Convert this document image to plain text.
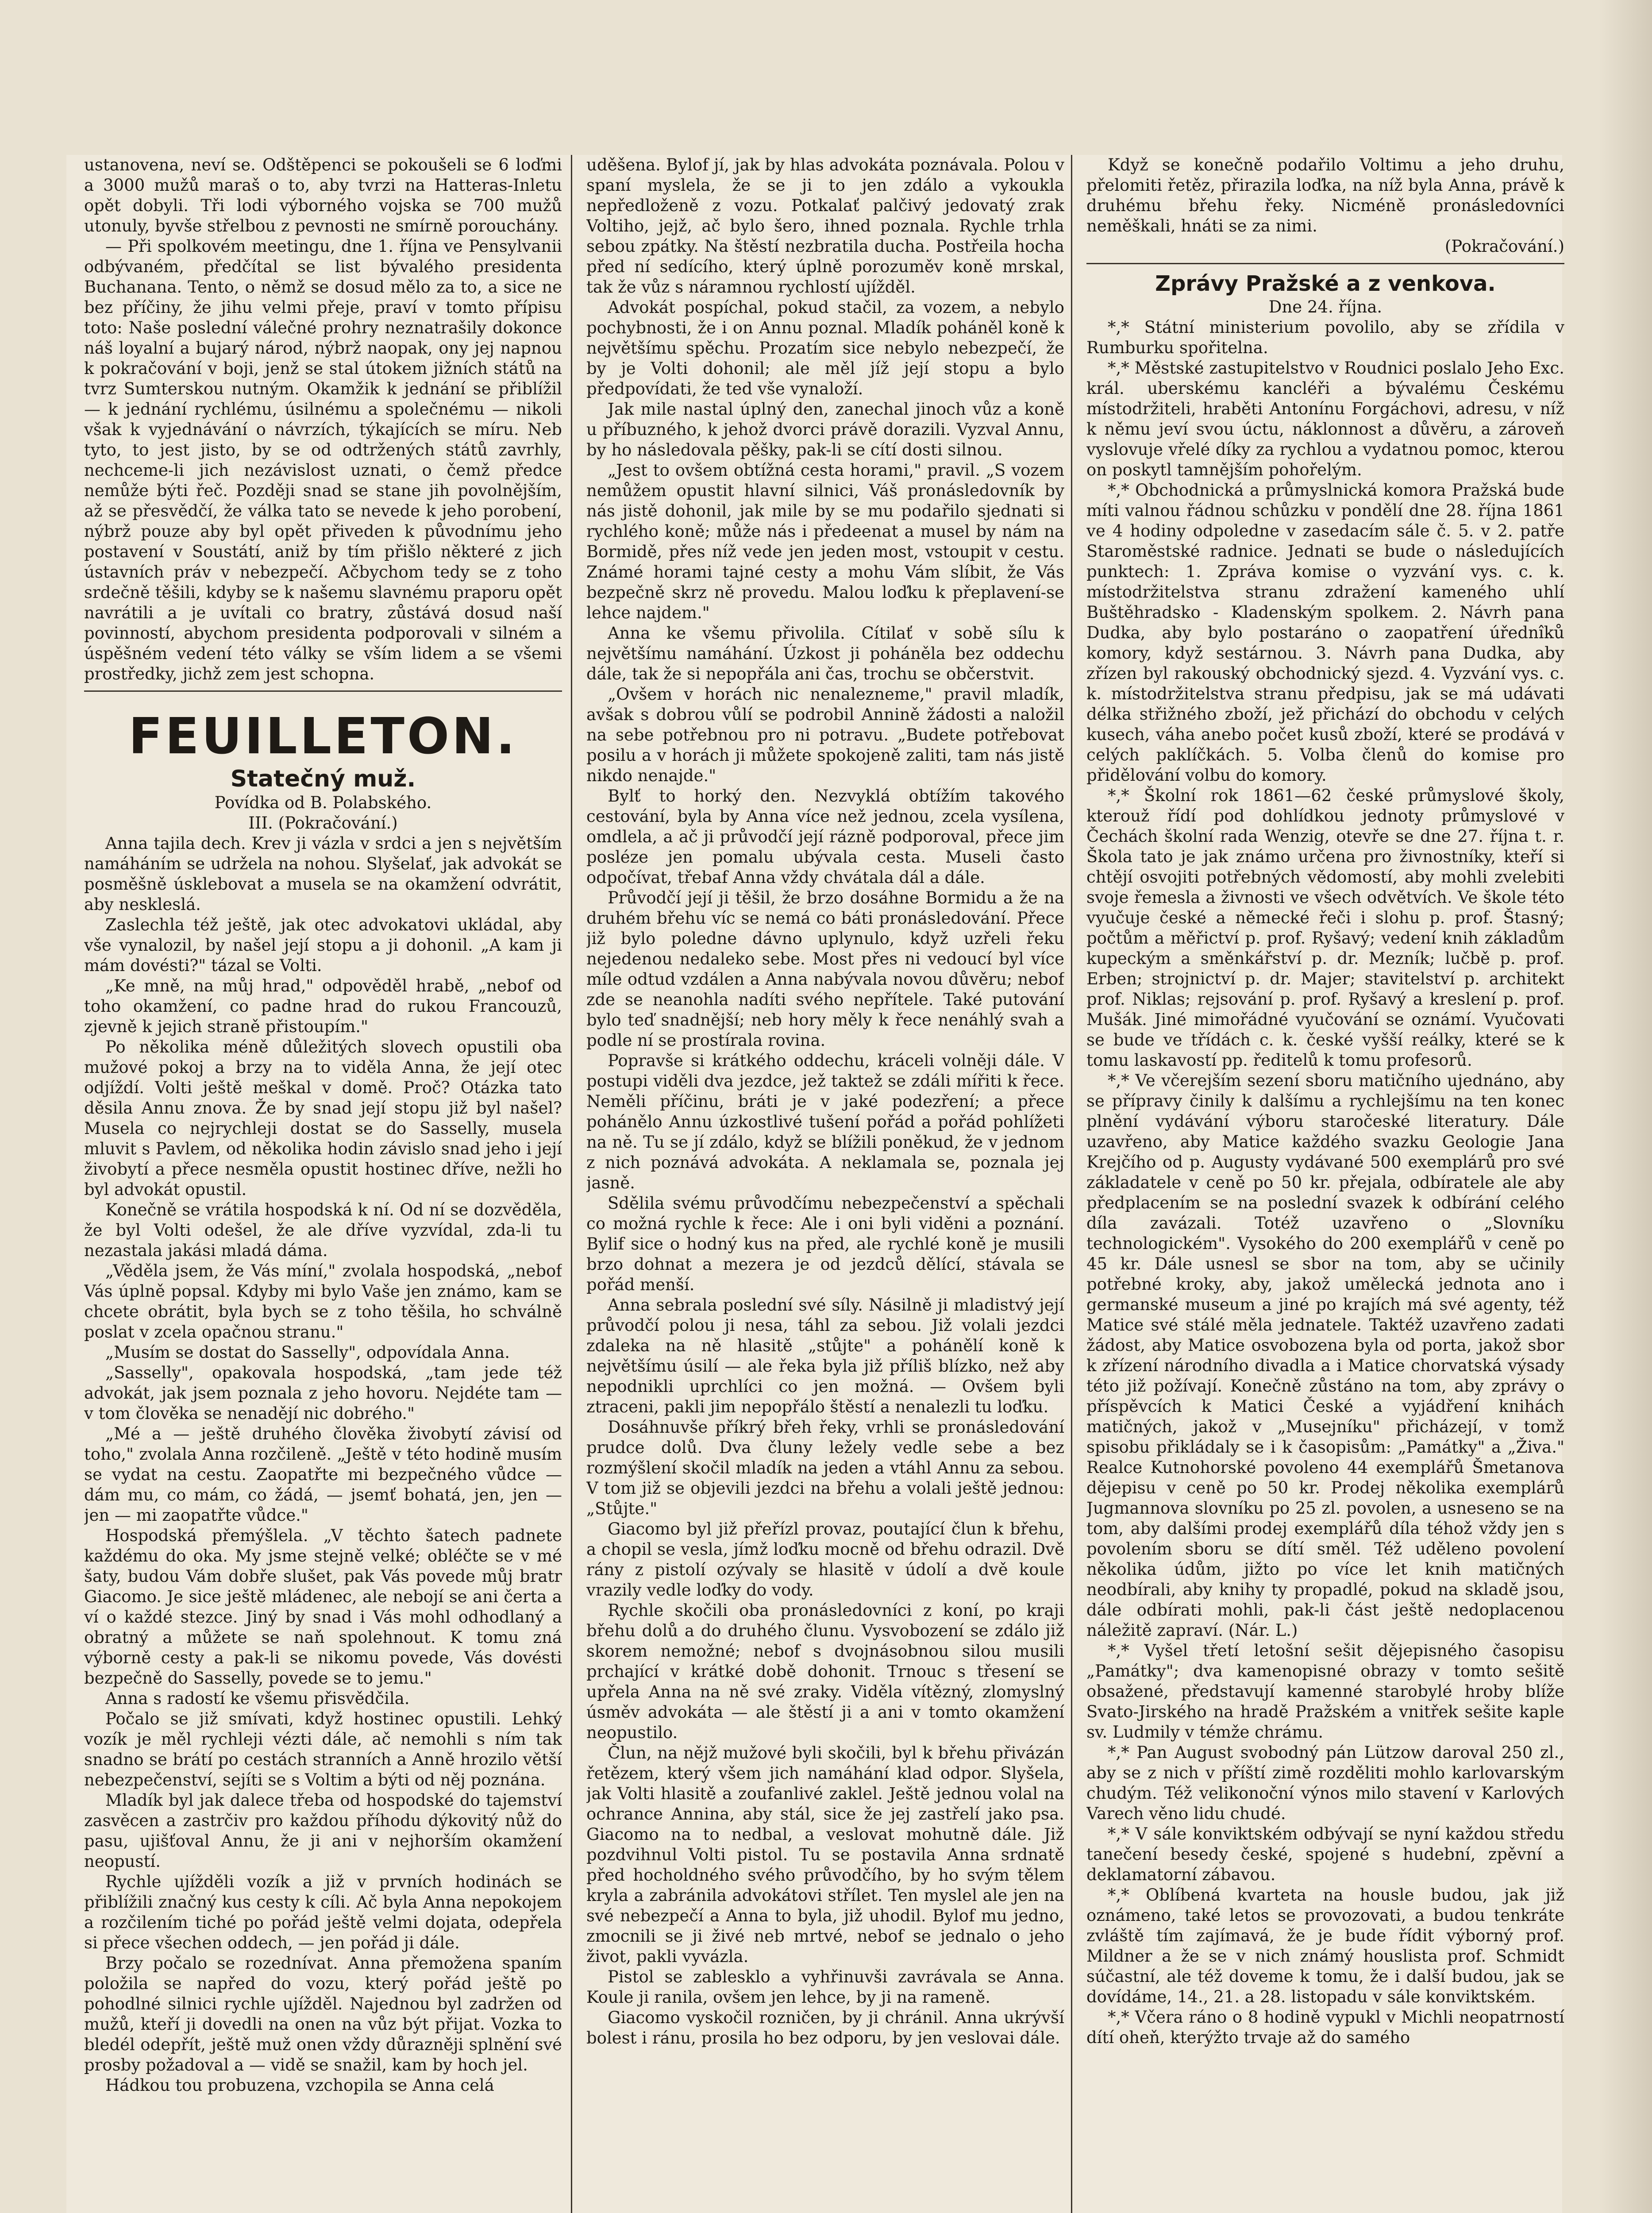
ustanovena, neví se. Odštěpenci se pokoušeli se 6 loďmi a 3000 mužů maraš o to, aby tvrzi na Hatteras-Inletu opět dobyli. Tři lodi výborného vojska se 700 mužů utonuly, byvše střelbou z pevnosti ne smírně porouchány.

— Při spolkovém meetingu, dne 1. října ve Pensylvanii odbývaném, předčítal se list bývalého presidenta Buchanana. Tento, o němž se dosud mělo za to, a sice ne bez příčiny, že jihu velmi přeje, praví v tomto přípisu toto: Naše poslední válečné prohry neznatrašily dokonce náš loyalní a bujarý národ, nýbrž naopak, ony jej napnou k pokračování v boji, jenž se stal útokem jižních států na tvrz Sumterskou nutným. Okamžik k jednání se přiblížil — k jednání rychlému, úsilnému a společnému — nikoli však k vyjednávání o návrzích, týkajících se míru. Neb tyto, to jest jisto, by se od odtržených států zavrhly, nechceme-li jich nezávislost uznati, o čemž předce nemůže býti řeč. Později snad se stane jih povolnějším, až se přesvědčí, že válka tato se nevede k jeho porobení, nýbrž pouze aby byl opět přiveden k původnímu jeho postavení v Soustátí, aniž by tím přišlo některé z jich ústavních práv v nebezpečí. Ačbychom tedy se z toho srdečně těšili, kdyby se k našemu slavnému praporu opět navrátili a je uvítali co bratry, zůstává dosud naší povinností, abychom presidenta podporovali v silném a úspěšném vedení této války se vším lidem a se všemi prostředky, jichž zem jest schopna.

FEUILLETON.

Statečný muž.

Povídka od B. Polabského.

III. (Pokračování.)

Anna tajila dech. Krev ji vázla v srdci a jen s největším namáháním se udržela na nohou. Slyšelať, jak advokát se posměšně úsklebovat a musela se na okamžení odvrátit, aby neskleslá.

Zaslechla též ještě, jak otec advokatovi ukládal, aby vše vynalozil, by našel její stopu a ji dohonil. „A kam ji mám dovésti?" tázal se Volti.

„Ke mně, na můj hrad," odpověděl hrabě, „nebof od toho okamžení, co padne hrad do rukou Francouzů, zjevně k jejich straně přistoupím."

Po několika méně důležitých slovech opustili oba mužové pokoj a brzy na to viděla Anna, že její otec odjíždí. Volti ještě meškal v domě. Proč? Otázka tato děsila Annu znova. Že by snad její stopu již byl našel? Musela co nejrychleji dostat se do Sasselly, musela mluvit s Pavlem, od několika hodin závislo snad jeho i její živobytí a přece nesměla opustit hostinec dříve, nežli ho byl advokát opustil.

Konečně se vrátila hospodská k ní. Od ní se dozvěděla, že byl Volti odešel, že ale dříve vyzvídal, zda-li tu nezastala jakási mladá dáma.

„Věděla jsem, že Vás míní," zvolala hospodská, „nebof Vás úplně popsal. Kdyby mi bylo Vaše jen známo, kam se chcete obrátit, byla bych se z toho těšila, ho schválně poslat v zcela opačnou stranu."

„Musím se dostat do Sasselly", odpovídala Anna.

„Sasselly", opakovala hospodská, „tam jede též advokát, jak jsem poznala z jeho hovoru. Nejdéte tam — v tom člověka se nenadějí nic dobrého."

„Mé a — ještě druhého člověka živobytí závisí od toho," zvolala Anna rozčileně. „Ještě v této hodině musím se vydat na cestu. Zaopatřte mi bezpečného vůdce — dám mu, co mám, co žádá, — jsemť bohatá, jen, jen — jen — mi zaopatřte vůdce."

Hospodská přemýšlela. „V těchto šatech padnete každému do oka. My jsme stejně velké; obléčte se v mé šaty, budou Vám dobře slušet, pak Vás povede můj bratr Giacomo. Je sice ještě mládenec, ale nebojí se ani čerta a ví o každé stezce. Jiný by snad i Vás mohl odhodlaný a obratný a můžete se naň spolehnout. K tomu zná výborně cesty a pak-li se nikomu povede, Vás dovésti bezpečně do Sasselly, povede se to jemu."

Anna s radostí ke všemu přisvědčila.

Počalo se již smívati, když hostinec opustili. Lehký vozík je měl rychleji vézti dále, ač nemohli s ním tak snadno se brátí po cestách stranních a Anně hrozilo větší nebezpečenství, sejíti se s Voltim a býti od něj poznána.

Mladík byl jak dalece třeba od hospodské do tajemství zasvěcen a zastrčiv pro každou příhodu dýkovitý nůž do pasu, ujišťoval Annu, že ji ani v nejhorším okamžení neopustí.

Rychle ujížděli vozík a již v prvních hodinách se přiblížili značný kus cesty k cíli. Ač byla Anna nepokojem a rozčilením tiché po pořád ještě velmi dojata, odepřela si přece všechen oddech, — jen pořád ji dále.

Brzy počalo se rozednívat. Anna přemožena spaním položila se napřed do vozu, který pořád ještě po pohodlné silnici rychle ujížděl. Najednou byl zadržen od mužů, kteří ji dovedli na onen na vůz být přijat. Vozka to bledél odepřít, ještě muž onen vždy důrazněji splnění své prosby požadoval a — vidě se snažil, kam by hoch jel.

Hádkou tou probuzena, vzchopila se Anna celá

uděšena. Bylof jí, jak by hlas advokáta poznávala. Polou v spaní myslela, že se ji to jen zdálo a vykoukla nepředloženě z vozu. Potkalať palčivý jedovatý zrak Voltiho, jejž, ač bylo šero, ihned poznala. Rychle trhla sebou zpátky. Na štěstí nezbratila ducha. Postřeila hocha před ní sedícího, který úplně porozuměv koně mrskal, tak že vůz s náramnou rychlostí ujížděl.

Advokát pospíchal, pokud stačil, za vozem, a nebylo pochybnosti, že i on Annu poznal. Mladík poháněl koně k největšímu spěchu. Prozatím sice nebylo nebezpečí, že by je Volti dohonil; ale měl jíž její stopu a bylo předpovídati, že ted vše vynaloží.

Jak mile nastal úplný den, zanechal jinoch vůz a koně u příbuzného, k jehož dvorci právě dorazili. Vyzval Annu, by ho následovala pěšky, pak-li se cítí dosti silnou.

„Jest to ovšem obtížná cesta horami," pravil. „S vozem nemůžem opustit hlavní silnici, Váš pronásledovník by nás jistě dohonil, jak mile by se mu podařilo sjednati si rychlého koně; může nás i předeenat a musel by nám na Bormidě, přes níž vede jen jeden most, vstoupit v cestu. Známé horami tajné cesty a mohu Vám slíbit, že Vás bezpečně skrz ně provedu. Malou loďku k přeplavení-se lehce najdem."

Anna ke všemu přivolila. Cítilať v sobě sílu k největšímu namáhání. Úzkost ji poháněla bez oddechu dále, tak že si nepopřála ani čas, trochu se občerstvit.

„Ovšem v horách nic nenalezneme," pravil mladík, avšak s dobrou vůlí se podrobil Annině žádosti a naložil na sebe potřebnou pro ni potravu. „Budete potřebovat posilu a v horách ji můžete spokojeně zaliti, tam nás jistě nikdo nenajde."

Bylť to horký den. Nezvyklá obtížím takového cestování, byla by Anna více než jednou, zcela vysílena, omdlela, a ač ji průvodčí její rázně podporoval, přece jim posléze jen pomalu ubývala cesta. Museli často odpočívat, třebaf Anna vždy chvátala dál a dále.

Průvodčí její ji těšil, že brzo dosáhne Bormidu a že na druhém břehu víc se nemá co báti pronásledování. Přece již bylo poledne dávno uplynulo, když uzřeli řeku nejedenou nedaleko sebe. Most přes ni vedoucí byl více míle odtud vzdálen a Anna nabývala novou důvěru; nebof zde se neanohla nadíti svého nepřítele. Také putování bylo teď snadnější; neb hory měly k řece nenáhlý svah a podle ní se prostírala rovina.

Popravše si krátkého oddechu, kráceli volněji dále. V postupi viděli dva jezdce, jež taktež se zdáli mířiti k řece. Neměli příčinu, bráti je v jaké podezření; a přece pohánělo Annu úzkostlivé tušení pořád a pořád pohlížeti na ně. Tu se jí zdálo, když se blížili poněkud, že v jednom z nich poznává advokáta. A neklamala se, poznala jej jasně.

Sdělila svému průvodčímu nebezpečenství a spěchali co možná rychle k řece: Ale i oni byli viděni a poznání. Bylif sice o hodný kus na před, ale rychlé koně je musili brzo dohnat a mezera je od jezdců dělící, stávala se pořád menší.

Anna sebrala poslední své síly. Násilně ji mladistvý její průvodčí polou ji nesa, táhl za sebou. Již volali jezdci zdaleka na ně hlasitě „stůjte" a pohánělí koně k největšímu úsilí — ale řeka byla již příliš blízko, než aby nepodnikli uprchlíci co jen možná. — Ovšem byli ztraceni, pakli jim nepopřálo štěstí a nenalezli tu loďku.

Dosáhnuvše příkrý břeh řeky, vrhli se pronásledování prudce dolů. Dva čluny ležely vedle sebe a bez rozmýšlení skočil mladík na jeden a vtáhl Annu za sebou. V tom již se objevili jezdci na břehu a volali ještě jednou: „Stůjte."

Giacomo byl již přeřízl provaz, poutající člun k břehu, a chopil se vesla, jímž loďku mocně od břehu odrazil. Dvě rány z pistolí ozývaly se hlasitě v údolí a dvě koule vrazily vedle loďky do vody.

Rychle skočili oba pronásledovníci z koní, po kraji břehu dolů a do druhého člunu. Vysvobození se zdálo již skorem nemožné; nebof s dvojnásobnou silou musili prchající v krátké době dohonit. Trnouc s třesení se upřela Anna na ně své zraky. Viděla vítězný, zlomyslný úsměv advokáta — ale štěstí ji a ani v tomto okamžení neopustilo.

Člun, na nějž mužové byli skočili, byl k břehu přivázán řetězem, který všem jich namáhání klad odpor. Slyšela, jak Volti hlasitě a zoufanlivé zaklel. Ještě jednou volal na ochrance Annina, aby stál, sice že jej zastřelí jako psa. Giacomo na to nedbal, a veslovat mohutně dále. Již pozdvihnul Volti pistol. Tu se postavila Anna srdnatě před hocholdného svého průvodčího, by ho svým tělem kryla a zabránila advokátovi střílet. Ten myslel ale jen na své nebezpečí a Anna to byla, již uhodil. Bylof mu jedno, zmocnili se ji živé neb mrtvé, nebof se jednalo o jeho život, pakli vyvázla.

Pistol se zablesklo a vyhřinuvši zavrávala se Anna. Koule ji ranila, ovšem jen lehce, by ji na rameně.

Giacomo vyskočil rozničen, by ji chránil. Anna ukrývší bolest i ránu, prosila ho bez odporu, by jen veslovai dále.

Když se konečně podařilo Voltimu a jeho druhu, přelomiti řetěz, přirazila loďka, na níž byla Anna, právě k druhému břehu řeky. Nicméně pronásledovníci neměškali, hnáti se za nimi.

(Pokračování.)

Zprávy Pražské a z venkova.

Dne 24. října.

*,* Státní ministerium povolilo, aby se zřídila v Rumburku spořitelna.

*,* Městské zastupitelstvo v Roudnici poslalo Jeho Exc. král. uberskému kancléři a bývalému Českému místodržiteli, hraběti Antonínu Forgáchovi, adresu, v níž k němu jeví svou úctu, náklonnost a důvěru, a zároveň vyslovuje vřelé díky za rychlou a vydatnou pomoc, kterou on poskytl tamnějším pohořelým.

*,* Obchodnická a průmyslnická komora Pražská bude míti valnou řádnou schůzku v pondělí dne 28. října 1861 ve 4 hodiny odpoledne v zasedacím sále č. 5. v 2. patře Staroměstské radnice. Jednati se bude o následujících punktech: 1. Zpráva komise o vyzvání vys. c. k. místodržitelstva stranu zdražení kameného uhlí Buštěhradsko - Kladenským spolkem. 2. Návrh pana Dudka, aby bylo postaráno o zaopatření úřednîků komory, když sestárnou. 3. Návrh pana Dudka, aby zřízen byl rakouský obchodnický sjezd. 4. Vyzvání vys. c. k. místodržitelstva stranu předpisu, jak se má udávati délka střižného zboží, jež přichází do obchodu v celých kusech, váha anebo počet kusů zboží, které se prodává v celých paklíčkách. 5. Volba členů do komise pro přidělování volbu do komory.

*,* Školní rok 1861—62 české průmyslové školy, kterouž řídí pod dohlídkou jednoty průmyslové v Čechách školní rada Wenzig, otevře se dne 27. října t. r. Škola tato je jak známo určena pro živnostníky, kteří si chtějí osvojiti potřebných vědomostí, aby mohli zvelebiti svoje řemesla a živnosti ve všech odvětvích. Ve škole této vyučuje české a německé řeči i slohu p. prof. Štasný; počtům a měřictví p. prof. Ryšavý; vedení knih základům kupeckým a směnkářství p. dr. Mezník; lučbě p. prof. Erben; strojnictví p. dr. Majer; stavitelství p. architekt prof. Niklas; rejsování p. prof. Ryšavý a kreslení p. prof. Mušák. Jiné mimořádné vyučování se oznámí. Vyučovati se bude ve třídách c. k. české vyšší reálky, které se k tomu laskavostí pp. ředitelů k tomu profesorů.

*,* Ve včerejším sezení sboru matičního ujednáno, aby se přípravy činily k dalšímu a rychlejšímu na ten konec plnění vydávání výboru staročeské literatury. Dále uzavřeno, aby Matice každého svazku Geologie Jana Krejčího od p. Augusty vydávané 500 exemplárů pro své základatele v ceně po 50 kr. přejala, odbíratele ale aby předplacením se na poslední svazek k odbírání celého díla zavázali. Totéž uzavřeno o „Slovníku technologickém". Vysokého do 200 exemplářů v ceně po 45 kr. Dále usnesl se sbor na tom, aby se učinily potřebné kroky, aby, jakož umělecká jednota ano i germanské museum a jiné po krajích má své agenty, též Matice své stálé měla jednatele. Taktéž uzavřeno zadati žádost, aby Matice osvobozena byla od porta, jakož sbor k zřízení národního divadla a i Matice chorvatská výsady této již požívají. Konečně zůstáno na tom, aby zprávy o příspěvcích k Matici České a vyjádření knihách matičných, jakož v „Musejníku" přicházejí, v tomž spisobu přikládaly se i k časopisům: „Památky" a „Živa." Realce Kutnohorské povoleno 44 exemplářů Šmetanova dějepisu v ceně po 50 kr. Prodej několika exemplárů Jugmannova slovníku po 25 zl. povolen, a usneseno se na tom, aby dalšími prodej exemplářů díla téhož vždy jen s povolením sboru se dítí směl. Též uděleno povolení několika údům, jižto po více let knih matičných neodbírali, aby knihy ty propadlé, pokud na skladě jsou, dále odbírati mohli, pak-li část ještě nedoplacenou náležitě zapraví. (Nár. L.)

*,* Vyšel třetí letošní sešit dějepisného časopisu „Památky"; dva kamenopisné obrazy v tomto sešitě obsažené, představují kamenné starobylé hroby blíže Svato-Jirského na hradě Pražském a vnitřek sešite kaple sv. Ludmily v témže chrámu.

*,* Pan August svobodný pán Lützow daroval 250 zl., aby se z nich v příští zimě rozděliti mohlo karlovarským chudým. Též velikonoční výnos milo stavení v Karlových Varech věno lidu chudé.

*,* V sále konviktském odbývají se nyní každou středu tanečení besedy české, spojené s hudební, zpěvní a deklamatorní zábavou.

*,* Oblíbená kvarteta na housle budou, jak již oznámeno, také letos se provozovati, a budou tenkráte zvláště tím zajímavá, že je bude řídit výborný prof. Mildner a že se v nich známý houslista prof. Schmidt súčastní, ale též doveme k tomu, že i další budou, jak se dovídáme, 14., 21. a 28. listopadu v sále konviktském.

*,* Včera ráno o 8 hodině vypukl v Michli neopatrností dítí oheň, kterýžto trvaje až do samého
